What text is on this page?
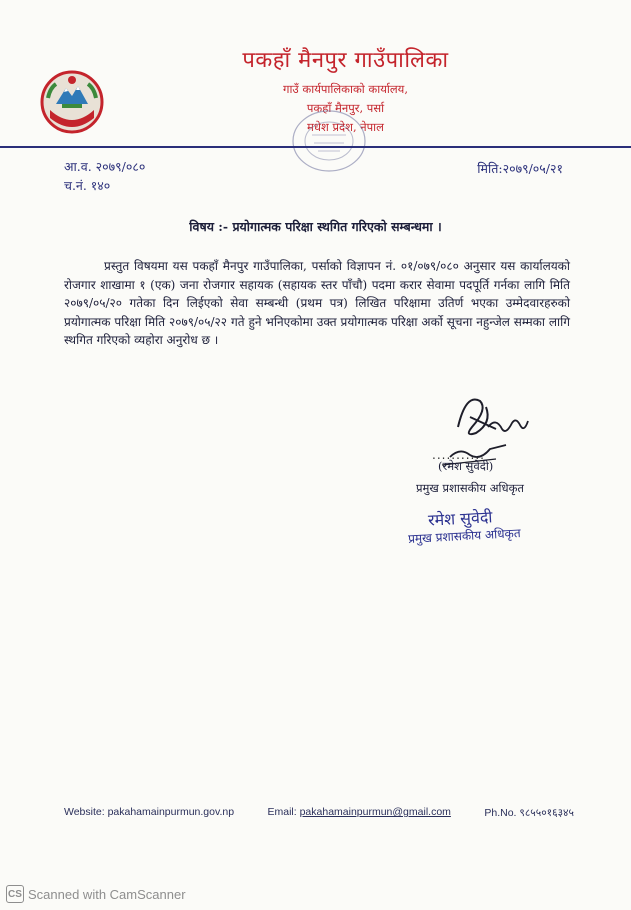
पकहाँ मैनपुर गाउँपालिका
गाउँ कार्यपालिकाको कार्यालय,
पकहाँ मैनपुर, पर्सा
मधेश प्रदेश, नेपाल
आ.व. २०७९/०८०
च.नं. १४०
मिति:२०७९/०५/२१
विषय :- प्रयोगात्मक परिक्षा स्थगित गरिएको सम्बन्धमा ।

प्रस्तुत विषयमा यस पकहाँ मैनपुर गाउँपालिका, पर्साको विज्ञापन नं. ०१/०७९/०८० अनुसार यस कार्यालयको रोजगार शाखामा १ (एक) जना रोजगार सहायक (सहायक स्तर पाँचौ) पदमा करार सेवामा पदपूर्ति गर्नका लागि मिति २०७९/०५/२० गतेका दिन लिईएको सेवा सम्बन्धी (प्रथम पत्र) लिखित परिक्षामा उतिर्ण भएका उम्मेदवारहरुको प्रयोगात्मक परिक्षा मिति २०७९/०५/२२ गते हुने भनिएकोमा उक्त प्रयोगात्मक परिक्षा अर्को सूचना नहुन्जेल सम्मका लागि स्थगित गरिएको व्यहोरा अनुरोध छ ।

...........
(रमेश सुवेदी)
प्रमुख प्रशासकीय अधिकृत
रमेश सुवेदी
प्रमुख प्रशासकीय अधिकृत
Website: pakahamainpurmun.gov.np	Email: pakahamainpurmun@gmail.com	Ph.No. ९८५५०१६३४५
CS Scanned with CamScanner
